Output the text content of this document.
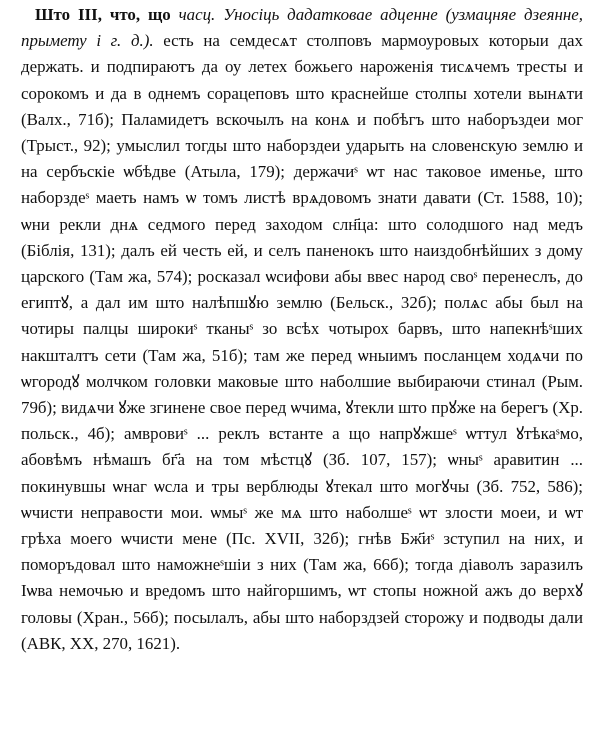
Што III, что, що часц. Уносіць дадатковае адценне (узмацняе дзеянне, прымету і г. д.). есть на семдесѧт столповъ мармоуровых которыи дах держать. и подпираютъ да оу летех божьего нароженія тисѧчемъ тресты и сорокомъ и да в однемъ сорацеповъ што краснейше столпы хотели вынѧти (Валх., 71б); Паламидетъ вскочылъ на конѧ и побѣгъ што наборъздеи мог (Трыст., 92); умыслил тогды што наборздеи ударыть на словенскую землю и на сербъскіе ѡбѣдве (Атыла, 179); держачиˢ ѡт нас таковое именье, што наборздеˢ маеть намъ ѡ томъ листѣ врѧдовомъ знати давати (Ст. 1588, 10); ѡни рекли днѧ седмого перед заходом слн҃ца: што солодшого над медъ (Біблія, 131); далъ ей честь ей, и селъ паненокъ што наиздобнѣйших з дому царского (Там жа, 574); росказал ѡсифови абы ввес народ своˢ перенеслъ, до египтꙋ, а дал им што налѣпшꙋю землю (Бельск., 32б); полѧс абы был на чотиры палцы широкиˢ тканыˢ зо всѣх чотырох барвъ, што напекнѣˢших накшталтъ сети (Там жа, 51б); там же перед ѡныимъ посланцем ходѧчи по ѡгородꙋ молчком головки маковые што наболшие выбираючи стинал (Рым. 79б); видѧчи ꙋже згинене свое перед ѡчима, ꙋтекли што прꙋже на берегъ (Хр. польск., 4б); амвровиˢ ... реклъ встанте а що напрꙋжшеˢ ѡттул ꙋтѣкаˢмо, абовѣмъ нѣмашъ бг҃а на том мѣстцꙋ (Зб. 107, 157); ѡныˢ аравитин ... покинувшы ѡнаг ѡсла и тры верблюды ꙋтекал што могꙋчы (Зб. 752, 586); ѡчисти неправости мои. ѡмыˢ же мѧ што наболшеˢ ѡт злости моеи, и ѡт грѣха моего ѡчисти мене (Пс. XVII, 32б); гнѣв Бж҃иˢ зступил на них, и поморъдовал што наможнеˢшіи з них (Там жа, 66б); тогда діаволъ заразилъ Іѡва немочью и вредомъ што найгоршимъ, ѡт стопы ножной ажъ до верхꙋ головы (Хран., 56б); посылалъ, абы што наборздзей сторожу и подводы дали (АВК, XX, 270, 1621).
